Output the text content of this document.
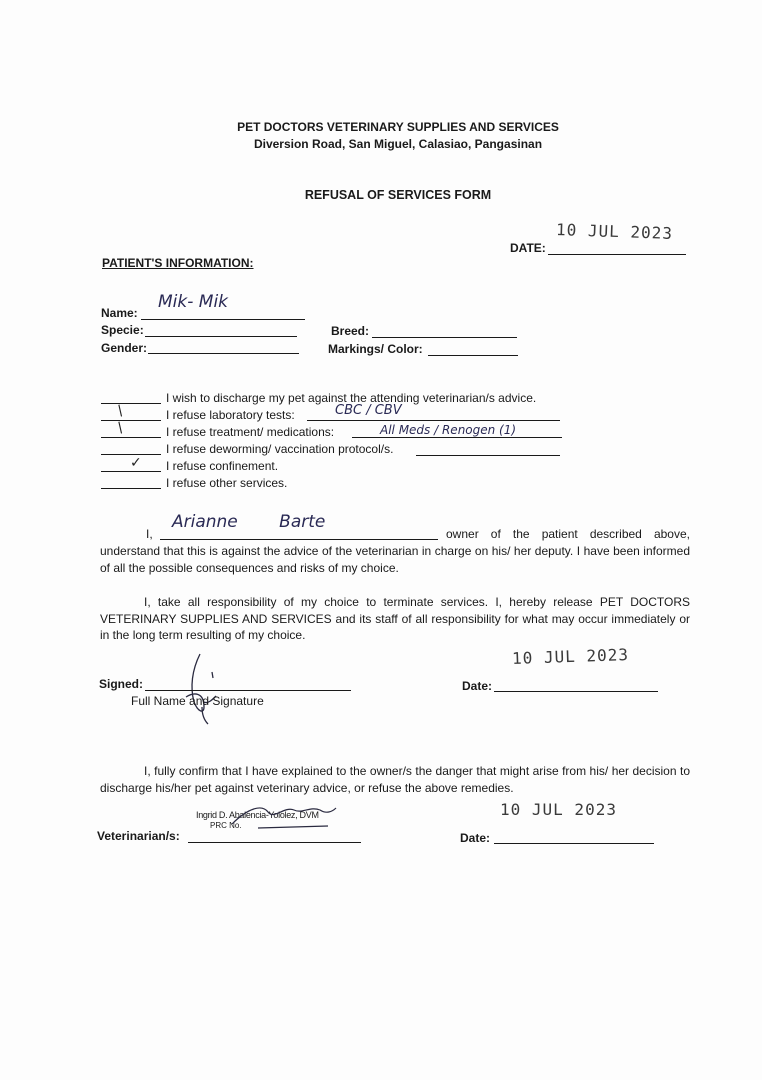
PET DOCTORS VETERINARY SUPPLIES AND SERVICES
Diversion Road, San Miguel, Calasiao, Pangasinan
REFUSAL OF SERVICES FORM
10 JUL 2023
DATE:
PATIENT'S INFORMATION:
Mik- Mik
Name:
Specie:	Breed:
Gender:	Markings/ Color:
I wish to discharge my pet against the attending veterinarian/s advice.
/	I refuse laboratory tests:	CBC / CBV
/	I refuse treatment/ medications:	All Meds / Renogen (1)
I refuse deworming/ vaccination protocol/s.
✓ I refuse confinement.
I refuse other services.
I,
Arianne Barte
owner of the patient described above,
understand that this is against the advice of the veterinarian in charge on his/ her deputy. I have been informed of all the possible consequences and risks of my choice.
I, take all responsibility of my choice to terminate services. I, hereby release PET DOCTORS VETERINARY SUPPLIES AND SERVICES and its staff of all responsibility for what may occur immediately or in the long term resulting of my choice.
10 JUL 2023
Signed:
Full Name and Signature
Date:
I, fully confirm that I have explained to the owner/s the danger that might arise from his/ her decision to discharge his/her pet against veterinary advice, or refuse the above remedies.
10 JUL 2023
Ingrid D. Abalencia-Yololez, DVM
PRC No.
Veterinarian/s:	Date:
